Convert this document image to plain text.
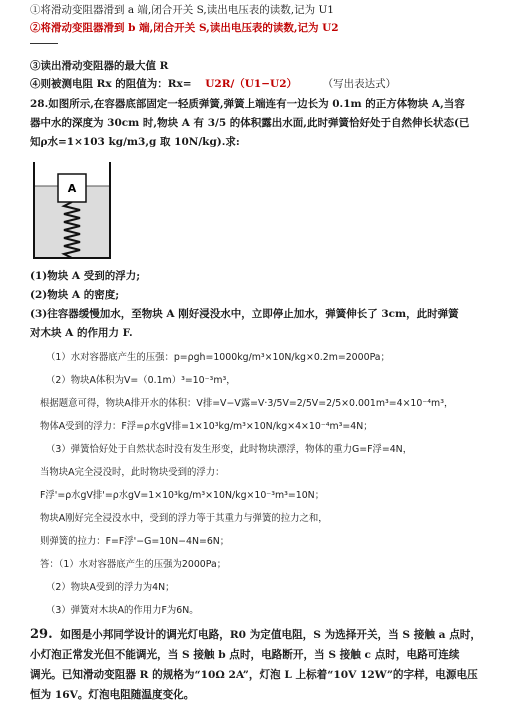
①将滑动变阻器滑到 a 端,闭合开关 S,读出电压表的读数,记为 U1
②将滑动变阻器滑到 b 端,闭合开关 S,读出电压表的读数,记为 U2
③读出滑动变阻器的最大值 R
④则被测电阻 Rx 的阻值为：Rx= U2R/（U1−U2） （写出表达式）
28.如图所示,在容器底部固定一轻质弹簧,弹簧上端连有一边长为 0.1m 的正方体物块 A,当容
器中水的深度为 30cm 时,物块 A 有 3/5 的体积露出水面,此时弹簧恰好处于自然伸长状态(已
知ρ水=1×103 kg/m3,g 取 10N/kg).求:
A
(1)物块 A 受到的浮力;
(2)物块 A 的密度;
(3)往容器缓慢加水，至物块 A 刚好浸没水中，立即停止加水，弹簧伸长了 3cm，此时弹簧
对木块 A 的作用力 F.
（1）水对容器底产生的压强：p=ρgh=1000kg/m³×10N/kg×0.2m=2000Pa；
（2）物块A体积为V=（0.1m）³=10⁻³m³，
根据题意可得，物块A排开水的体积：V排=V−V露=V·3/5V=2/5V=2/5×0.001m³=4×10⁻⁴m³，
物体A受到的浮力：F浮=ρ水gV排=1×10³kg/m³×10N/kg×4×10⁻⁴m³=4N；
（3）弹簧恰好处于自然状态时没有发生形变，此时物块漂浮，物体的重力G=F浮=4N，
当物块A完全浸没时，此时物块受到的浮力：
F浮'=ρ水gV排'=ρ水gV=1×10³kg/m³×10N/kg×10⁻³m³=10N；
物块A刚好完全浸没水中，受到的浮力等于其重力与弹簧的拉力之和，
则弹簧的拉力：F=F浮'−G=10N−4N=6N；
答：（1）水对容器底产生的压强为2000Pa；
（2）物块A受到的浮力为4N；
（3）弹簧对木块A的作用力F为6N。
29. 如图是小邦同学设计的调光灯电路，R0 为定值电阻，S 为选择开关，当 S 接触 a 点时，
小灯泡正常发光但不能调光，当 S 接触 b 点时，电路断开，当 S 接触 c 点时，电路可连续
调光。已知滑动变阻器 R 的规格为“10Ω 2A”，灯泡 L 上标着“10V 12W”的字样，电源电压
恒为 16V。灯泡电阻随温度变化。
